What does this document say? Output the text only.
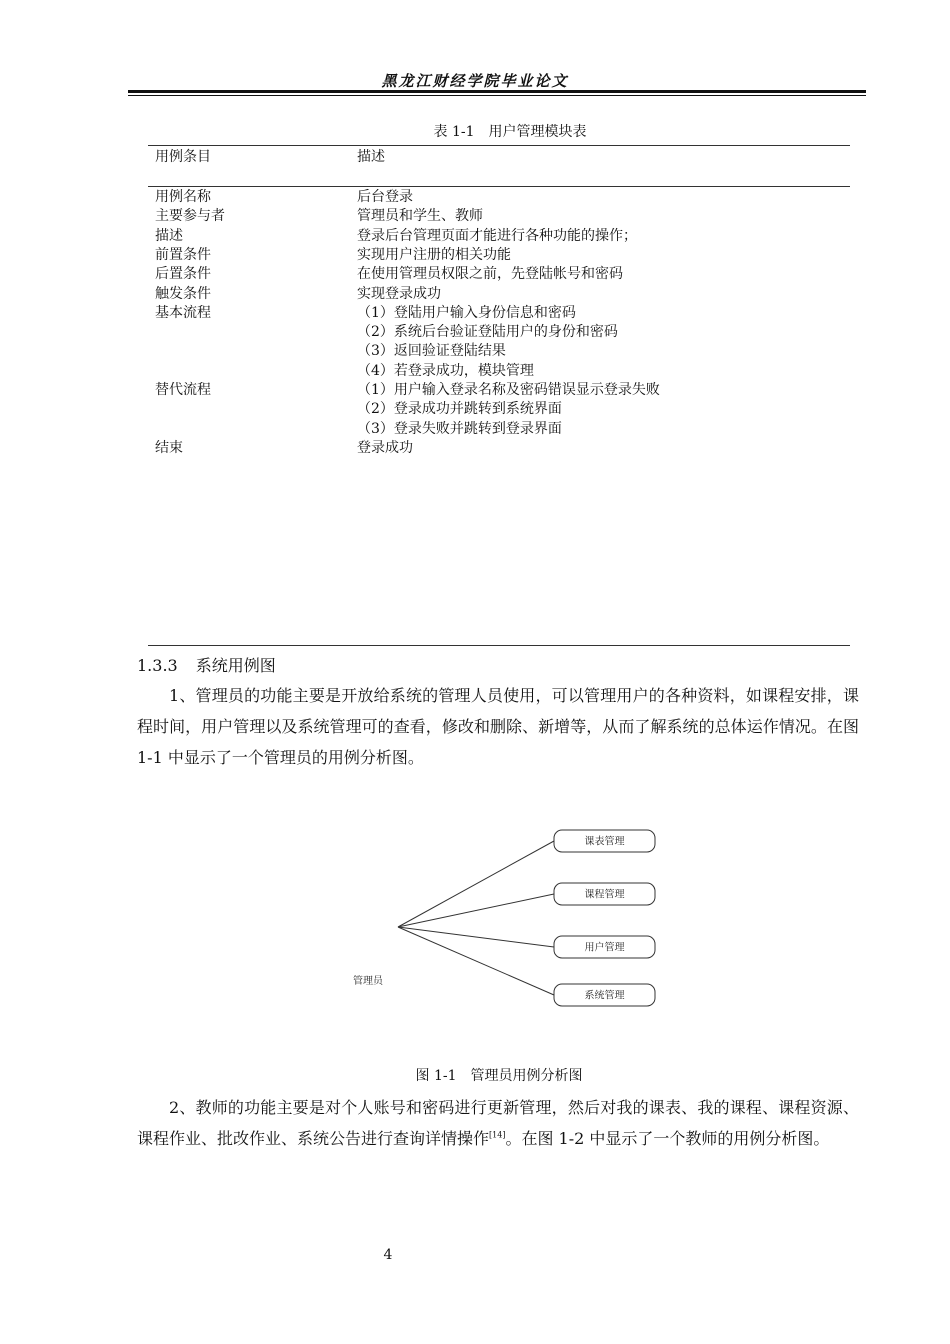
黑龙江财经学院毕业论文
表 1-1　用户管理模块表
用例条目	描述
用例名称	后台登录
主要参与者	管理员和学生、教师
描述	登录后台管理页面才能进行各种功能的操作；
前置条件	实现用户注册的相关功能
后置条件	在使用管理员权限之前，先登陆帐号和密码
触发条件	实现登录成功
基本流程	（1）登陆用户输入身份信息和密码
（2）系统后台验证登陆用户的身份和密码
（3）返回验证登陆结果
（4）若登录成功，模块管理
替代流程	（1）用户输入登录名称及密码错误显示登录失败
（2）登录成功并跳转到系统界面
（3）登录失败并跳转到登录界面
结束	登录成功
1.3.3 系统用例图
1、管理员的功能主要是开放给系统的管理人员使用，可以管理用户的各种资料，如课程安排，课程时间，用户管理以及系统管理可的查看，修改和删除、新增等，从而了解系统的总体运作情况。在图 1-1 中显示了一个管理员的用例分析图。
课表管理
课程管理
用户管理
系统管理
管理员
图 1-1　管理员用例分析图
2、教师的功能主要是对个人账号和密码进行更新管理，然后对我的课表、我的课程、课程资源、课程作业、批改作业、系统公告进行查询详情操作[14]。在图 1-2 中显示了一个教师的用例分析图。
4
